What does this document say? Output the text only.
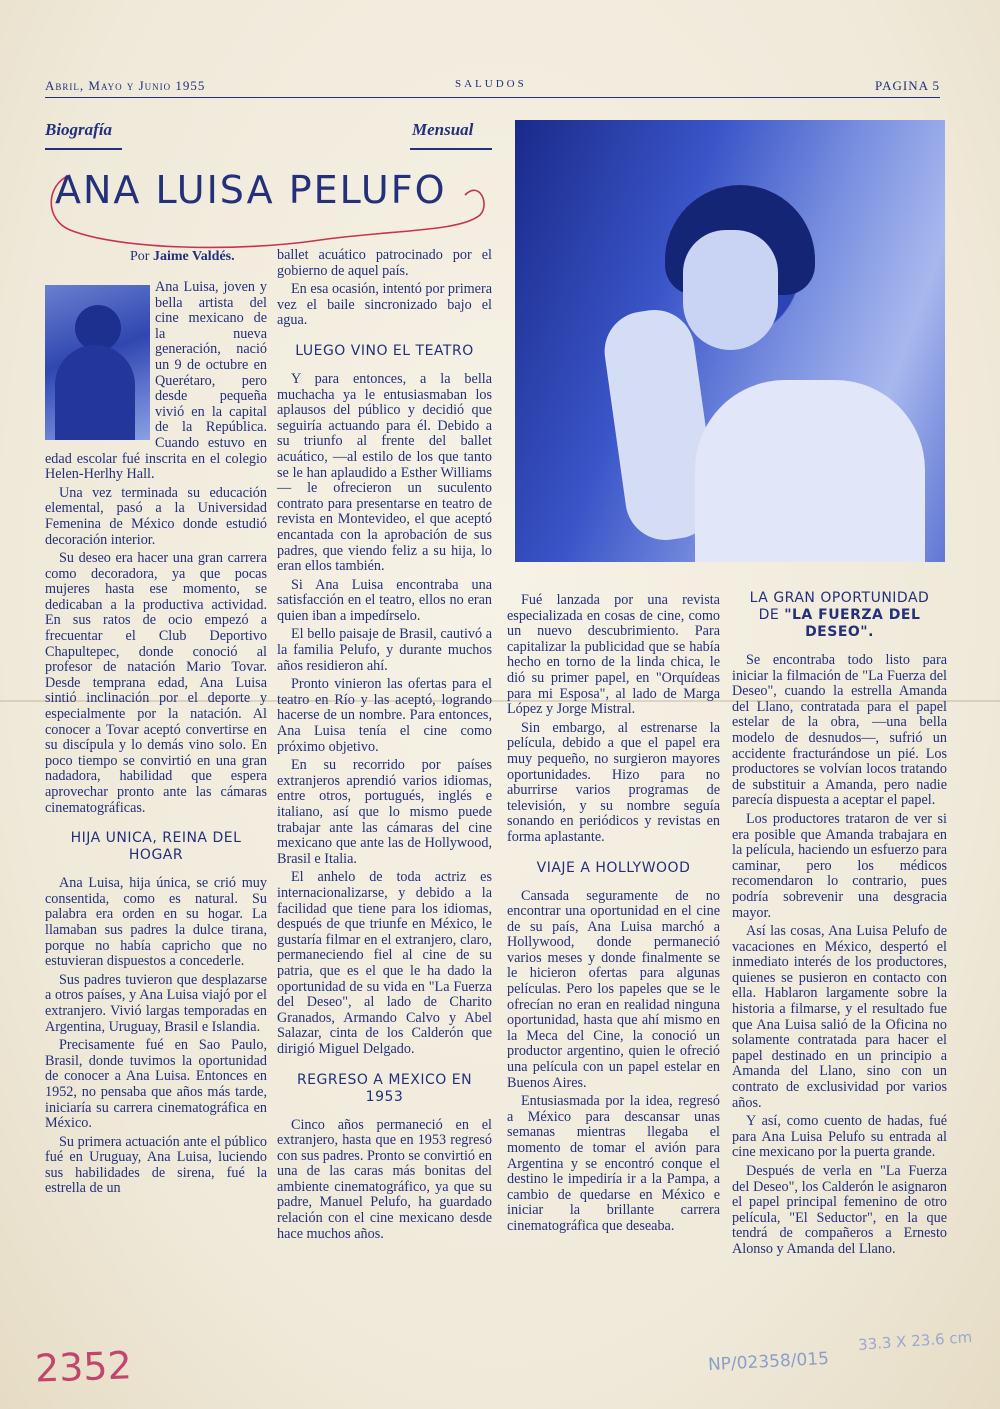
Abril, Mayo y Junio 1955	SALUDOS	PAGINA 5
Biografía	Mensual
ANA LUISA PELUFO
Por Jaime Valdés.

Ana Luisa, joven y bella artista del cine mexicano de la nueva generación, nació un 9 de octubre en Querétaro, pero desde pequeña vivió en la capital de la República. Cuando estuvo en edad escolar fué inscrita en el colegio Helen-Herlhy Hall.

Una vez terminada su educación elemental, pasó a la Universidad Femenina de México donde estudió decoración interior.

Su deseo era hacer una gran carrera como decoradora, ya que pocas mujeres hasta ese momento, se dedicaban a la productiva actividad. En sus ratos de ocio empezó a frecuentar el Club Deportivo Chapultepec, donde conoció al profesor de natación Mario Tovar. Desde temprana edad, Ana Luisa sintió inclinación por el deporte y especialmente por la natación. Al conocer a Tovar aceptó convertirse en su discípula y lo demás vino solo. En poco tiempo se convirtió en una gran nadadora, habilidad que espera aprovechar pronto ante las cámaras cinematográficas.

HIJA UNICA, REINA DEL HOGAR

Ana Luisa, hija única, se crió muy consentida, como es natural. Su palabra era orden en su hogar. La llamaban sus padres la dulce tirana, porque no había capricho que no estuvieran dispuestos a concederle.

Sus padres tuvieron que desplazarse a otros países, y Ana Luisa viajó por el extranjero. Vivió largas temporadas en Argentina, Uruguay, Brasil e Islandia.

Precisamente fué en Sao Paulo, Brasil, donde tuvimos la oportunidad de conocer a Ana Luisa. Entonces en 1952, no pensaba que años más tarde, iniciaría su carrera cinematográfica en México.

Su primera actuación ante el público fué en Uruguay, Ana Luisa, luciendo sus habilidades de sirena, fué la estrella de un

ballet acuático patrocinado por el gobierno de aquel país.

En esa ocasión, intentó por primera vez el baile sincronizado bajo el agua.

LUEGO VINO EL TEATRO

Y para entonces, a la bella muchacha ya le entusiasmaban los aplausos del público y decidió que seguiría actuando para él. Debido a su triunfo al frente del ballet acuático, —al estilo de los que tanto se le han aplaudido a Esther Williams— le ofrecieron un suculento contrato para presentarse en teatro de revista en Montevideo, el que aceptó encantada con la aprobación de sus padres, que viendo feliz a su hija, lo eran ellos también.

Si Ana Luisa encontraba una satisfacción en el teatro, ellos no eran quien iban a impedírselo.

El bello paisaje de Brasil, cautivó a la familia Pelufo, y durante muchos años residieron ahí.

Pronto vinieron las ofertas para el teatro en Río y las aceptó, logrando hacerse de un nombre. Para entonces, Ana Luisa tenía el cine como próximo objetivo.

En su recorrido por países extranjeros aprendió varios idiomas, entre otros, portugués, inglés e italiano, así que lo mismo puede trabajar ante las cámaras del cine mexicano que ante las de Hollywood, Brasil e Italia.

El anhelo de toda actriz es internacionalizarse, y debido a la facilidad que tiene para los idiomas, después de que triunfe en México, le gustaría filmar en el extranjero, claro, permaneciendo fiel al cine de su patria, que es el que le ha dado la oportunidad de su vida en "La Fuerza del Deseo", al lado de Charito Granados, Armando Calvo y Abel Salazar, cinta de los Calderón que dirigió Miguel Delgado.

REGRESO A MEXICO EN 1953

Cinco años permaneció en el extranjero, hasta que en 1953 regresó con sus padres. Pronto se convirtió en una de las caras más bonitas del ambiente cinematográfico, ya que su padre, Manuel Pelufo, ha guardado relación con el cine mexicano desde hace muchos años.

Fué lanzada por una revista especializada en cosas de cine, como un nuevo descubrimiento. Para capitalizar la publicidad que se había hecho en torno de la linda chica, le dió su primer papel, en "Orquídeas para mi Esposa", al lado de Marga López y Jorge Mistral.

Sin embargo, al estrenarse la película, debido a que el papel era muy pequeño, no surgieron mayores oportunidades. Hizo para no aburrirse varios programas de televisión, y su nombre seguía sonando en periódicos y revistas en forma aplastante.

VIAJE A HOLLYWOOD

Cansada seguramente de no encontrar una oportunidad en el cine de su país, Ana Luisa marchó a Hollywood, donde permaneció varios meses y donde finalmente se le hicieron ofertas para algunas películas. Pero los papeles que se le ofrecían no eran en realidad ninguna oportunidad, hasta que ahí mismo en la Meca del Cine, la conoció un productor argentino, quien le ofreció una película con un papel estelar en Buenos Aires.

Entusiasmada por la idea, regresó a México para descansar unas semanas mientras llegaba el momento de tomar el avión para Argentina y se encontró conque el destino le impediría ir a la Pampa, a cambio de quedarse en México e iniciar la brillante carrera cinematográfica que deseaba.

LA GRAN OPORTUNIDAD
DE "LA FUERZA DEL DESEO".

Se encontraba todo listo para iniciar la filmación de "La Fuerza del Deseo", cuando la estrella Amanda del Llano, contratada para el papel estelar de la obra, —una bella modelo de desnudos—, sufrió un accidente fracturándose un pié. Los productores se volvían locos tratando de substituir a Amanda, pero nadie parecía dispuesta a aceptar el papel.

Los productores trataron de ver si era posible que Amanda trabajara en la película, haciendo un esfuerzo para caminar, pero los médicos recomendaron lo contrario, pues podría sobrevenir una desgracia mayor.

Así las cosas, Ana Luisa Pelufo de vacaciones en México, despertó el inmediato interés de los productores, quienes se pusieron en contacto con ella. Hablaron largamente sobre la historia a filmarse, y el resultado fue que Ana Luisa salió de la Oficina no solamente contratada para hacer el papel destinado en un principio a Amanda del Llano, sino con un contrato de exclusividad por varios años.

Y así, como cuento de hadas, fué para Ana Luisa Pelufo su entrada al cine mexicano por la puerta grande.

Después de verla en "La Fuerza del Deseo", los Calderón le asignaron el papel principal femenino de otro película, "El Seductor", en la que tendrá de compañeros a Ernesto Alonso y Amanda del Llano.

2352	NP/02358/015
33.3 X 23.6 cm
